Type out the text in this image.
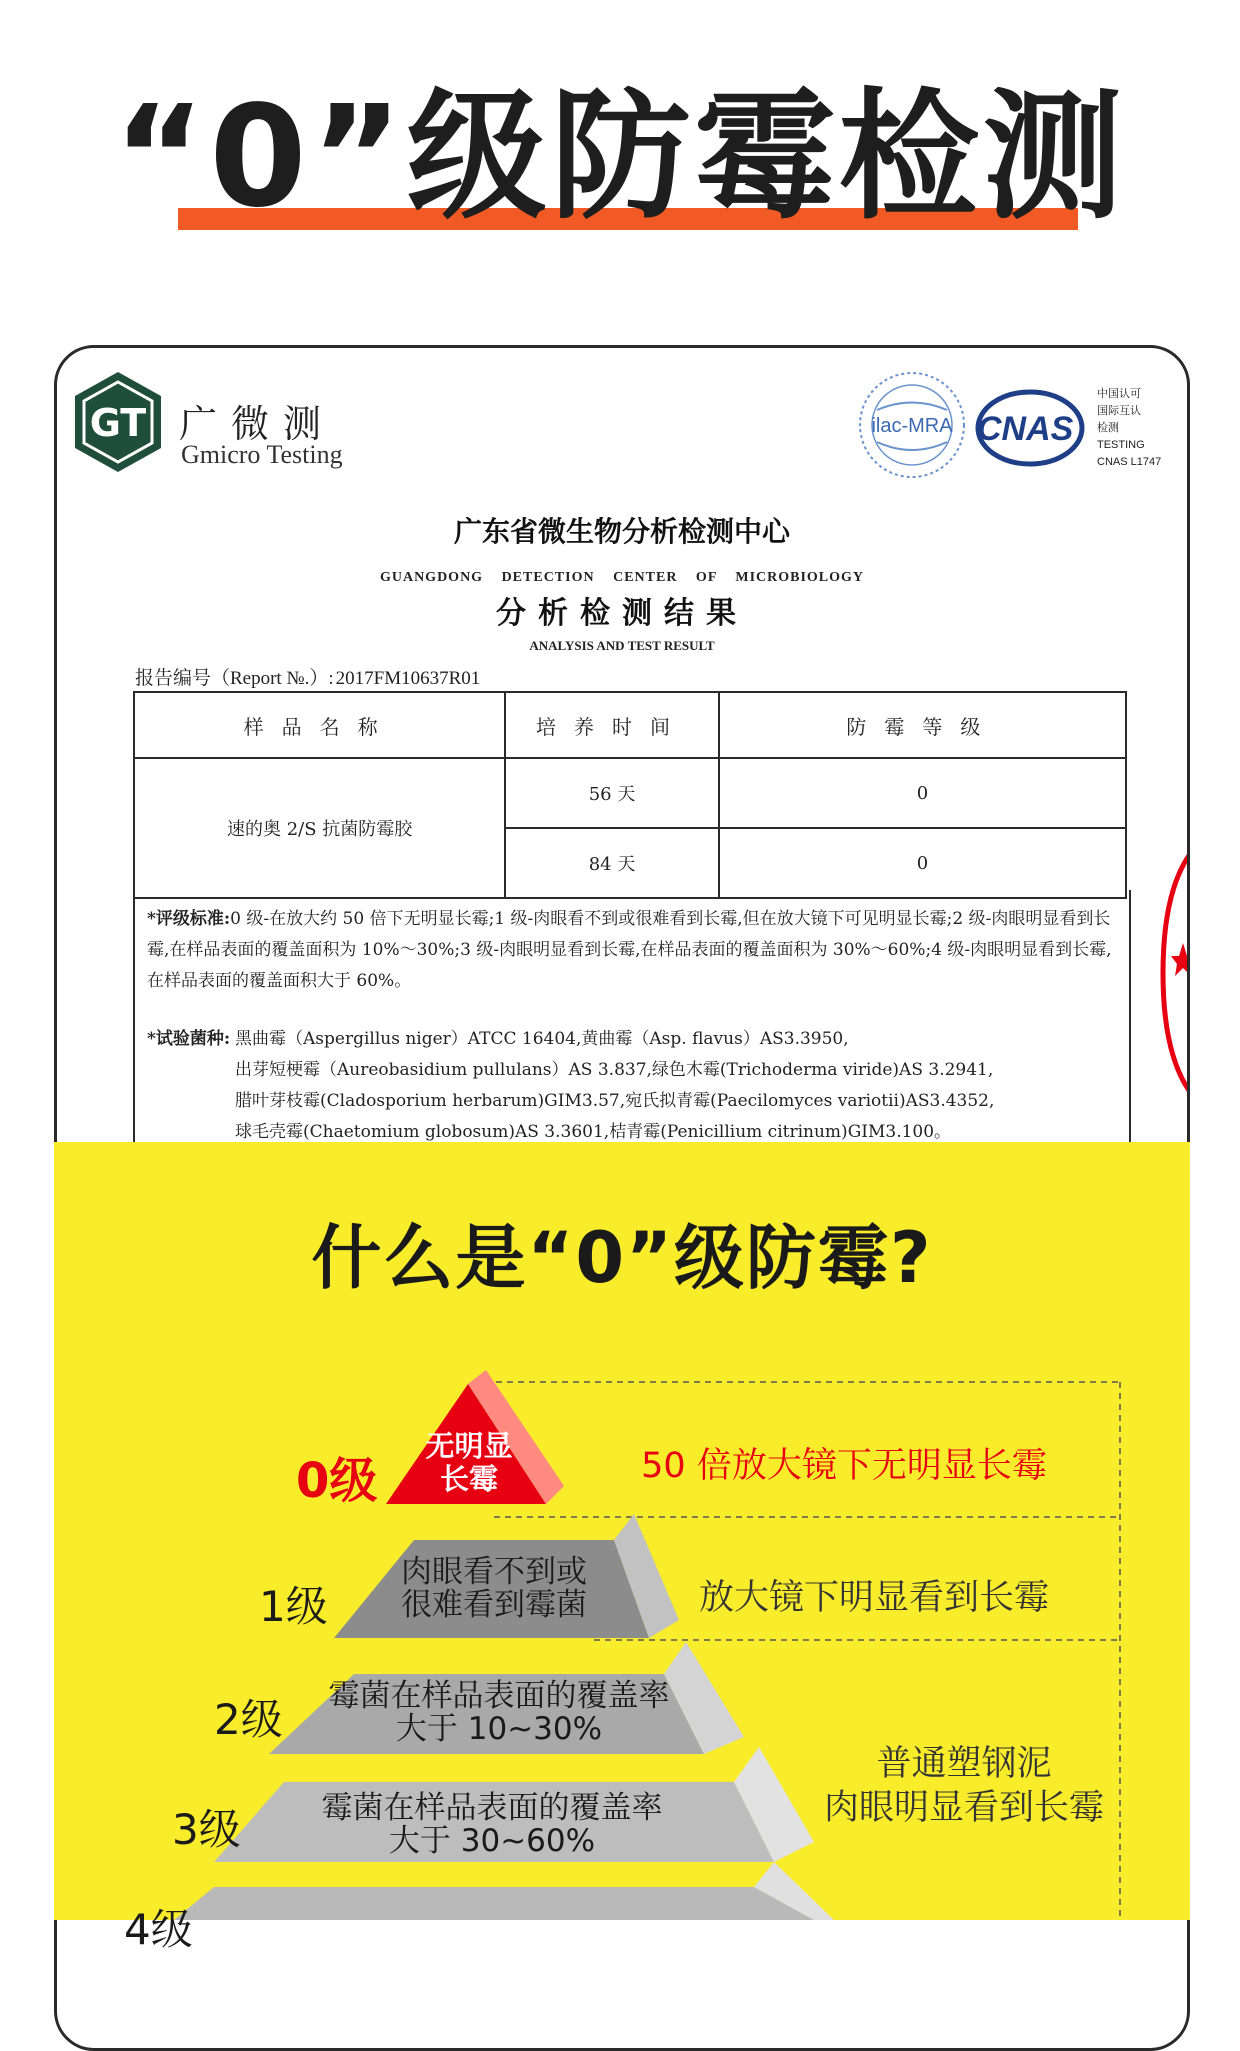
“0”级防霉检测
GT 广微测
Gmicro Testing
ilac-MRA CNAS
中国认可
国际互认
检测
TESTING
CNAS L1747
广东省微生物分析检测中心
GUANGDONG DETECTION CENTER OF MICROBIOLOGY
分析检测结果
ANALYSIS AND TEST RESULT
报告编号（Report №.）: 2017FM10637R01
样品名称	培养时间	防霉等级
速的奥 2/S 抗菌防霉胶	56 天	0
	84 天	0
*评级标准:0 级-在放大约 50 倍下无明显长霉;1 级-肉眼看不到或很难看到长霉,但在放大镜下可见明显长霉;2 级-肉眼明显看到长霉,在样品表面的覆盖面积为 10%～30%;3 级-肉眼明显看到长霉,在样品表面的覆盖面积为 30%～60%;4 级-肉眼明显看到长霉,在样品表面的覆盖面积大于 60%。
*试验菌种: 黑曲霉（Aspergillus niger）ATCC 16404,黄曲霉（Asp. flavus）AS3.3950,
出芽短梗霉（Aureobasidium pullulans）AS 3.837,绿色木霉(Trichoderma viride)AS 3.2941,
腊叶芽枝霉(Cladosporium herbarum)GIM3.57,宛氏拟青霉(Paecilomyces variotii)AS3.4352,
球毛壳霉(Chaetomium globosum)AS 3.3601,桔青霉(Penicillium citrinum)GIM3.100。
什么是“0”级防霉?
0级
无明显
长霉	50 倍放大镜下无明显长霉
1级
肉眼看不到或
很难看到霉菌	放大镜下明显看到长霉
2级	霉菌在样品表面的覆盖率
大于 10~30%
3级	霉菌在样品表面的覆盖率
大于 30~60%
4级
普通塑钢泥
肉眼明显看到长霉
